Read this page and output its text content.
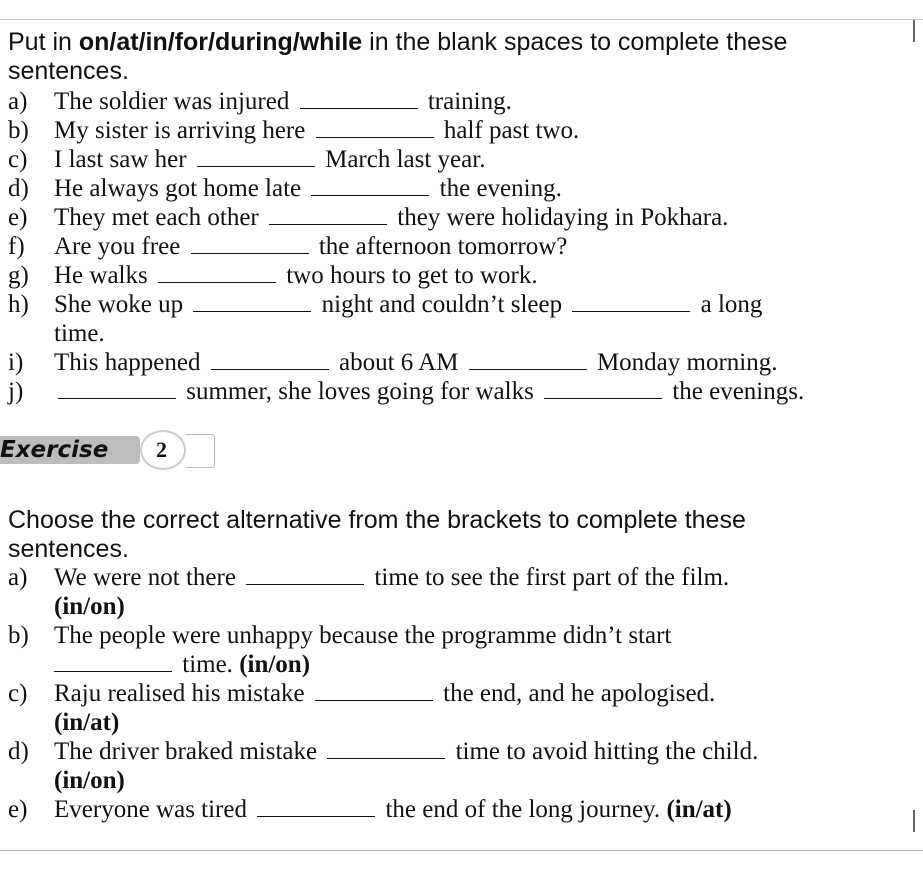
Put in on/at/in/for/during/while in the blank spaces to complete these
sentences.
a) The soldier was injured	training.
b) My sister is arriving here	half past two.
c) I last saw her	March last year.
d) He always got home late	the evening.
e) They met each other	they were holidaying in Pokhara.
f) Are you free	the afternoon tomorrow?
g) He walks	two hours to get to work.
h) She woke up	night and couldn’t sleep	a long
time.
i) This happened	about 6 AM	Monday morning.
j)	summer, she loves going for walks	the evenings.
Exercise 2
Choose the correct alternative from the brackets to complete these
sentences.
a) We were not there	time to see the first part of the film.
(in/on)
b) The people were unhappy because the programme didn’t start
time. (in/on)
c) Raju realised his mistake	the end, and he apologised.
(in/at)
d) The driver braked mistake	time to avoid hitting the child.
(in/on)
e) Everyone was tired	the end of the long journey. (in/at)
